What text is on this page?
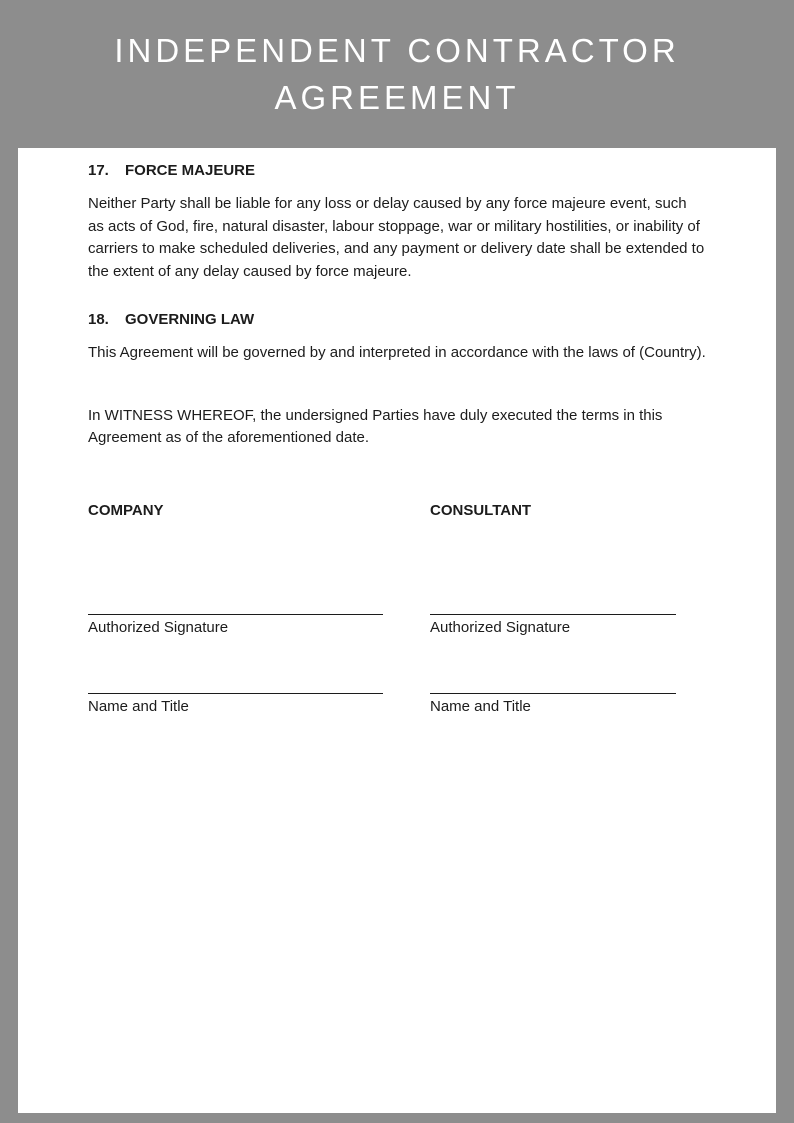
INDEPENDENT CONTRACTOR
AGREEMENT
17.	FORCE MAJEURE

Neither Party shall be liable for any loss or delay caused by any force majeure event, such as acts of God, fire, natural disaster, labour stoppage, war or military hostilities, or inability of carriers to make scheduled deliveries, and any payment or delivery date shall be extended to the extent of any delay caused by force majeure.

18.	GOVERNING LAW

This Agreement will be governed by and interpreted in accordance with the laws of (Country).

In WITNESS WHEREOF, the undersigned Parties have duly executed the terms in this Agreement as of the aforementioned date.

COMPANY
Authorized Signature
Name and Title
CONSULTANT
Authorized Signature
Name and Title
